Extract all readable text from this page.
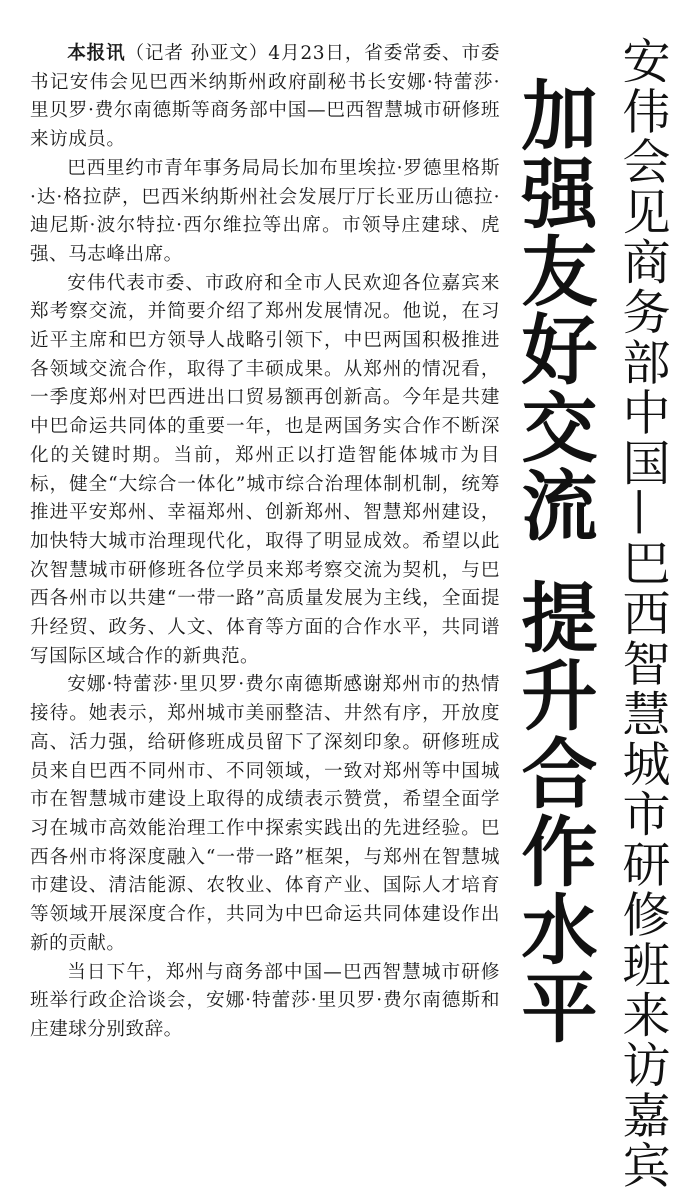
本报讯（记者 孙亚文）4月23日，省委常委、市委书记安伟会见巴西米纳斯州政府副秘书长安娜·特蕾莎·里贝罗·费尔南德斯等商务部中国—巴西智慧城市研修班来访成员。

巴西里约市青年事务局局长加布里埃拉·罗德里格斯·达·格拉萨，巴西米纳斯州社会发展厅厅长亚历山德拉·迪尼斯·波尔特拉·西尔维拉等出席。市领导庄建球、虎强、马志峰出席。

安伟代表市委、市政府和全市人民欢迎各位嘉宾来郑考察交流，并简要介绍了郑州发展情况。他说，在习近平主席和巴方领导人战略引领下，中巴两国积极推进各领域交流合作，取得了丰硕成果。从郑州的情况看，一季度郑州对巴西进出口贸易额再创新高。今年是共建中巴命运共同体的重要一年，也是两国务实合作不断深化的关键时期。当前，郑州正以打造智能体城市为目标，健全“大综合一体化”城市综合治理体制机制，统筹推进平安郑州、幸福郑州、创新郑州、智慧郑州建设，加快特大城市治理现代化，取得了明显成效。希望以此次智慧城市研修班各位学员来郑考察交流为契机，与巴西各州市以共建“一带一路”高质量发展为主线，全面提升经贸、政务、人文、体育等方面的合作水平，共同谱写国际区域合作的新典范。

安娜·特蕾莎·里贝罗·费尔南德斯感谢郑州市的热情接待。她表示，郑州城市美丽整洁、井然有序，开放度高、活力强，给研修班成员留下了深刻印象。研修班成员来自巴西不同州市、不同领域，一致对郑州等中国城市在智慧城市建设上取得的成绩表示赞赏，希望全面学习在城市高效能治理工作中探索实践出的先进经验。巴西各州市将深度融入“一带一路”框架，与郑州在智慧城市建设、清洁能源、农牧业、体育产业、国际人才培育等领域开展深度合作，共同为中巴命运共同体建设作出新的贡献。

当日下午，郑州与商务部中国—巴西智慧城市研修班举行政企洽谈会，安娜·特蕾莎·里贝罗·费尔南德斯和庄建球分别致辞。

加强友好交流提升合作水平 安伟会见商务部中国—巴西智慧城市研修班来访嘉宾
